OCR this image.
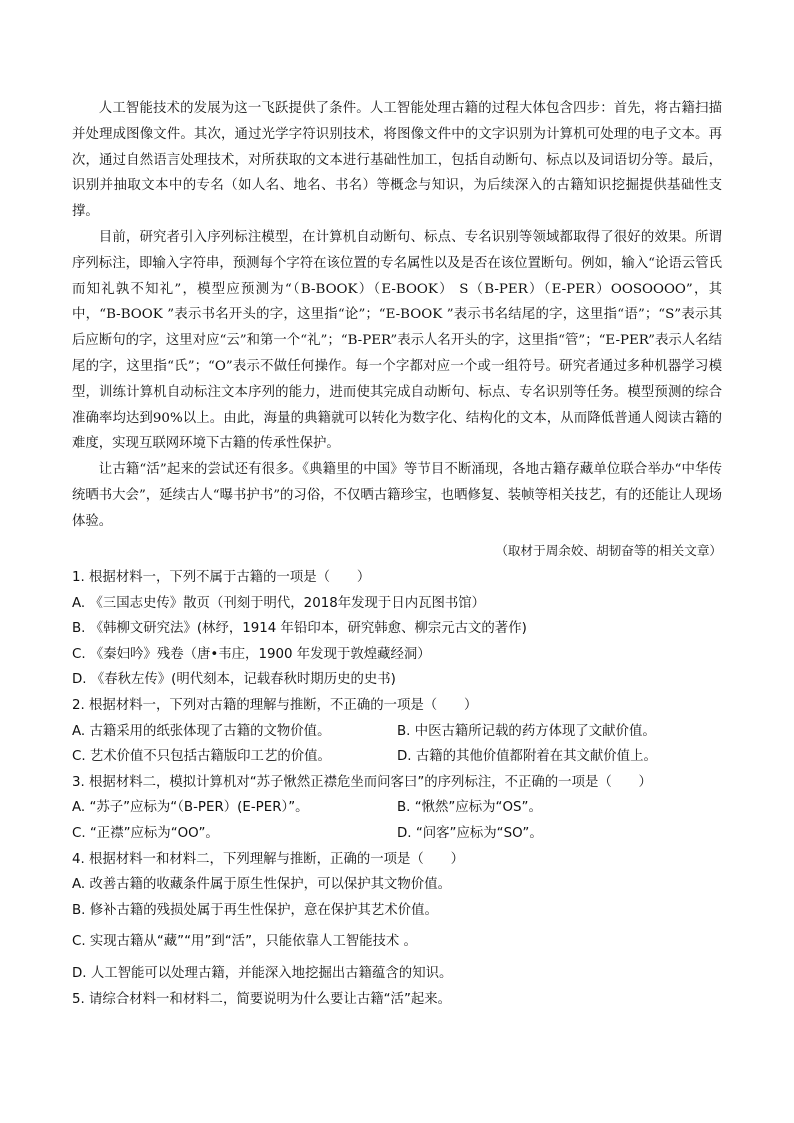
人工智能技术的发展为这一飞跃提供了条件。人工智能处理古籍的过程大体包含四步：首先，将古籍扫描并处理成图像文件。其次，通过光学字符识别技术，将图像文件中的文字识别为计算机可处理的电子文本。再次，通过自然语言处理技术，对所获取的文本进行基础性加工，包括自动断句、标点以及词语切分等。最后，识别并抽取文本中的专名（如人名、地名、书名）等概念与知识，为后续深入的古籍知识挖掘提供基础性支撑。

目前，研究者引入序列标注模型，在计算机自动断句、标点、专名识别等领域都取得了很好的效果。所谓序列标注，即输入字符串，预测每个字符在该位置的专名属性以及是否在该位置断句。例如，输入“论语云管氏而知礼孰不知礼”，模型应预测为“（B-BOOK）（E-BOOK） S（B-PER）（E-PER）OOSOOOO”，其中，“B-BOOK ”表示书名开头的字，这里指“论”；“E-BOOK ”表示书名结尾的字，这里指“语”；“S”表示其后应断句的字，这里对应“云”和第一个“礼”；“B-PER”表示人名开头的字，这里指“管”；“E-PER”表示人名结尾的字，这里指“氏”；“O”表示不做任何操作。每一个字都对应一个或一组符号。研究者通过多种机器学习模型，训练计算机自动标注文本序列的能力，进而使其完成自动断句、标点、专名识别等任务。模型预测的综合准确率均达到90%以上。由此，海量的典籍就可以转化为数字化、结构化的文本，从而降低普通人阅读古籍的难度，实现互联网环境下古籍的传承性保护。

让古籍“活”起来的尝试还有很多。《典籍里的中国》等节目不断涌现，各地古籍存藏单位联合举办“中华传统晒书大会”，延续古人“曝书护书”的习俗，不仅晒古籍珍宝，也晒修复、装帧等相关技艺，有的还能让人现场体验。

（取材于周余姣、胡韧奋等的相关文章）
1. 根据材料一，下列不属于古籍的一项是（　　）
A. 《三国志史传》散页（刊刻于明代，2018年发现于日内瓦图书馆）
B. 《韩柳文研究法》(林纾，1914 年铅印本，研究韩愈、柳宗元古文的著作)
C. 《秦妇吟》残卷（唐•韦庄，1900 年发现于敦煌藏经洞）
D. 《春秋左传》(明代刻本，记载春秋时期历史的史书)
2. 根据材料一，下列对古籍的理解与推断，不正确的一项是（　　）
A. 古籍采用的纸张体现了古籍的文物价值。	B. 中医古籍所记载的药方体现了文献价值。
C. 艺术价值不只包括古籍版印工艺的价值。	D. 古籍的其他价值都附着在其文献价值上。
3. 根据材料二，模拟计算机对“苏子愀然正襟危坐而问客曰”的序列标注，不正确的一项是（　　）
A. “苏子”应标为“（B-PER）(E-PER）”。	B. “愀然”应标为“OS”。
C. “正襟”应标为“OO”。	D. “问客”应标为“SO”。
4. 根据材料一和材料二，下列理解与推断，正确的一项是（　　）
A. 改善古籍的收藏条件属于原生性保护，可以保护其文物价值。
B. 修补古籍的残损处属于再生性保护，意在保护其艺术价值。
C. 实现古籍从“藏”“用”到“活”，只能依靠人工智能技术 。
D. 人工智能可以处理古籍，并能深入地挖掘出古籍蕴含的知识。
5. 请综合材料一和材料二，简要说明为什么要让古籍“活”起来。
